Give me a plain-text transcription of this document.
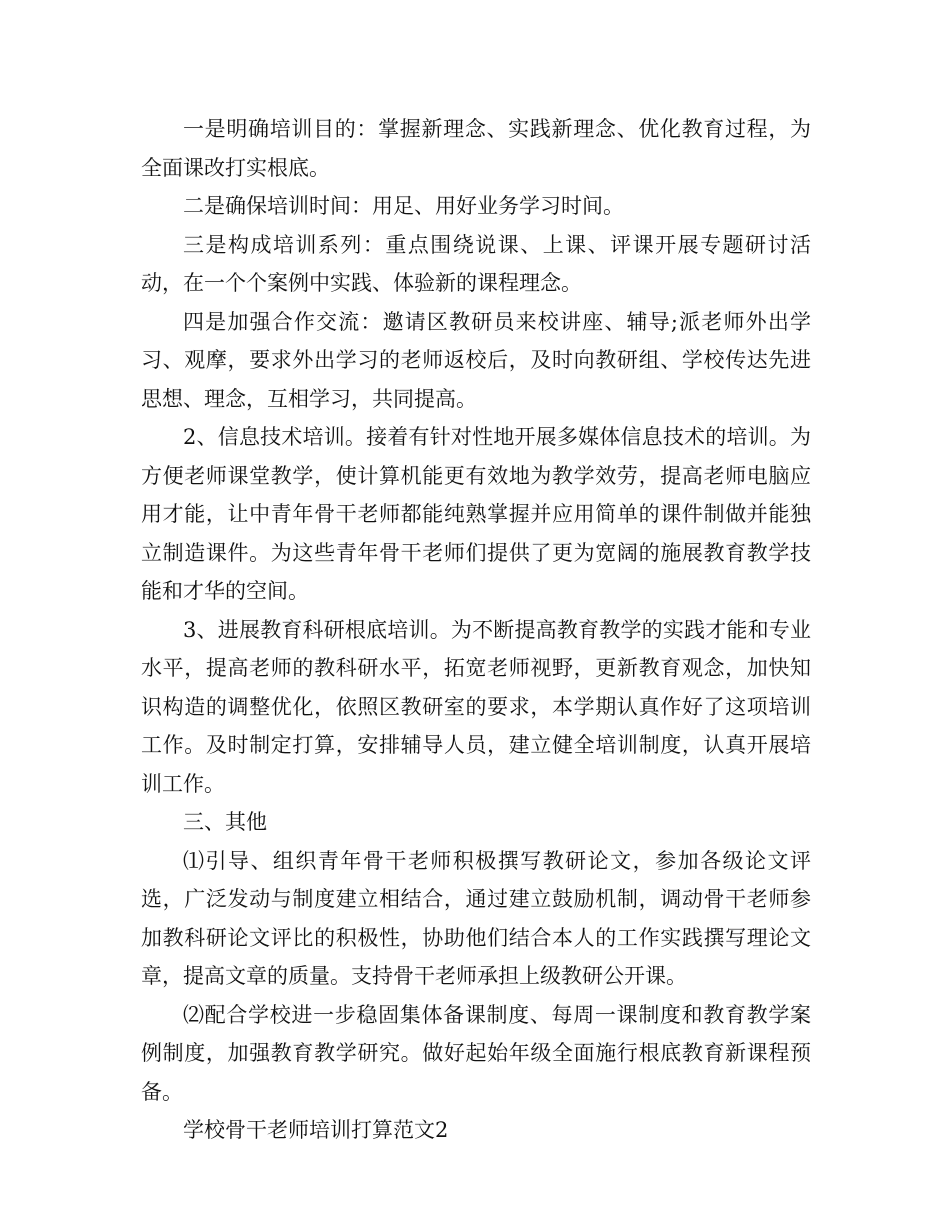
一是明确培训目的：掌握新理念、实践新理念、优化教育过程，为全面课改打实根底。

二是确保培训时间：用足、用好业务学习时间。

三是构成培训系列：重点围绕说课、上课、评课开展专题研讨活动，在一个个案例中实践、体验新的课程理念。

四是加强合作交流：邀请区教研员来校讲座、辅导;派老师外出学习、观摩，要求外出学习的老师返校后，及时向教研组、学校传达先进思想、理念，互相学习，共同提高。

2、信息技术培训。接着有针对性地开展多媒体信息技术的培训。为方便老师课堂教学，使计算机能更有效地为教学效劳，提高老师电脑应用才能，让中青年骨干老师都能纯熟掌握并应用简单的课件制做并能独立制造课件。为这些青年骨干老师们提供了更为宽阔的施展教育教学技能和才华的空间。

3、进展教育科研根底培训。为不断提高教育教学的实践才能和专业水平，提高老师的教科研水平，拓宽老师视野，更新教育观念，加快知识构造的调整优化，依照区教研室的要求，本学期认真作好了这项培训工作。及时制定打算，安排辅导人员，建立健全培训制度，认真开展培训工作。

三、其他

⑴引导、组织青年骨干老师积极撰写教研论文，参加各级论文评选，广泛发动与制度建立相结合，通过建立鼓励机制，调动骨干老师参加教科研论文评比的积极性，协助他们结合本人的工作实践撰写理论文章，提高文章的质量。支持骨干老师承担上级教研公开课。

⑵配合学校进一步稳固集体备课制度、每周一课制度和教育教学案例制度，加强教育教学研究。做好起始年级全面施行根底教育新课程预备。

学校骨干老师培训打算范文2
